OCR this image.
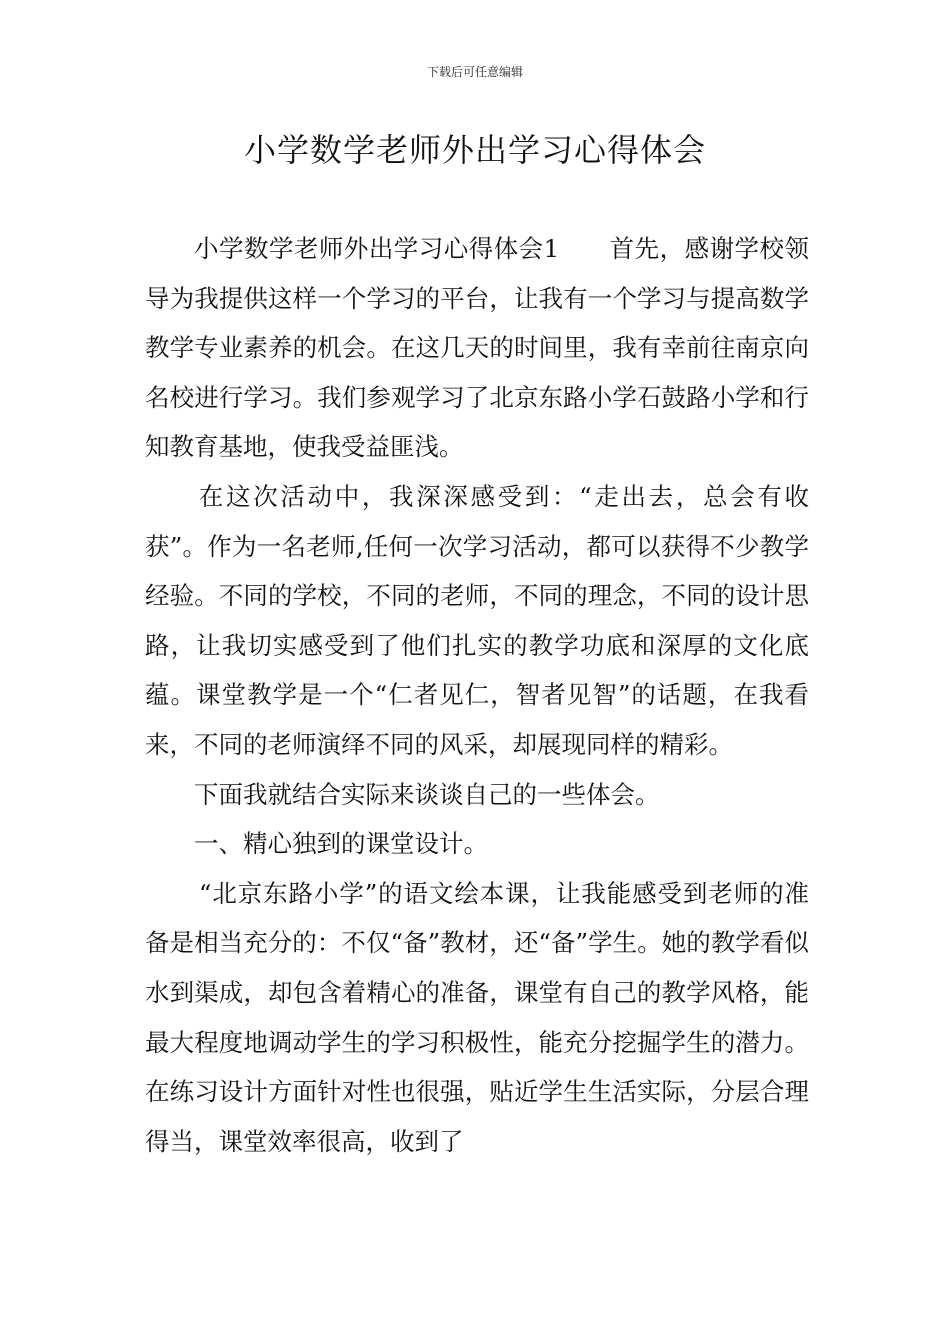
下载后可任意编辑
小学数学老师外出学习心得体会

小学数学老师外出学习心得体会1　　首先，感谢学校领导为我提供这样一个学习的平台，让我有一个学习与提高数学教学专业素养的机会。在这几天的时间里，我有幸前往南京向名校进行学习。我们参观学习了北京东路小学石鼓路小学和行知教育基地，使我受益匪浅。

在这次活动中，我深深感受到：“走出去，总会有收获”。作为一名老师,任何一次学习活动，都可以获得不少教学经验。不同的学校，不同的老师，不同的理念，不同的设计思路，让我切实感受到了他们扎实的教学功底和深厚的文化底蕴。课堂教学是一个“仁者见仁，智者见智”的话题，在我看来，不同的老师演绎不同的风采，却展现同样的精彩。

下面我就结合实际来谈谈自己的一些体会。

一、精心独到的课堂设计。

“北京东路小学”的语文绘本课，让我能感受到老师的准备是相当充分的：不仅“备”教材，还“备”学生。她的教学看似水到渠成，却包含着精心的准备，课堂有自己的教学风格，能最大程度地调动学生的学习积极性，能充分挖掘学生的潜力。在练习设计方面针对性也很强，贴近学生生活实际，分层合理得当，课堂效率很高，收到了
